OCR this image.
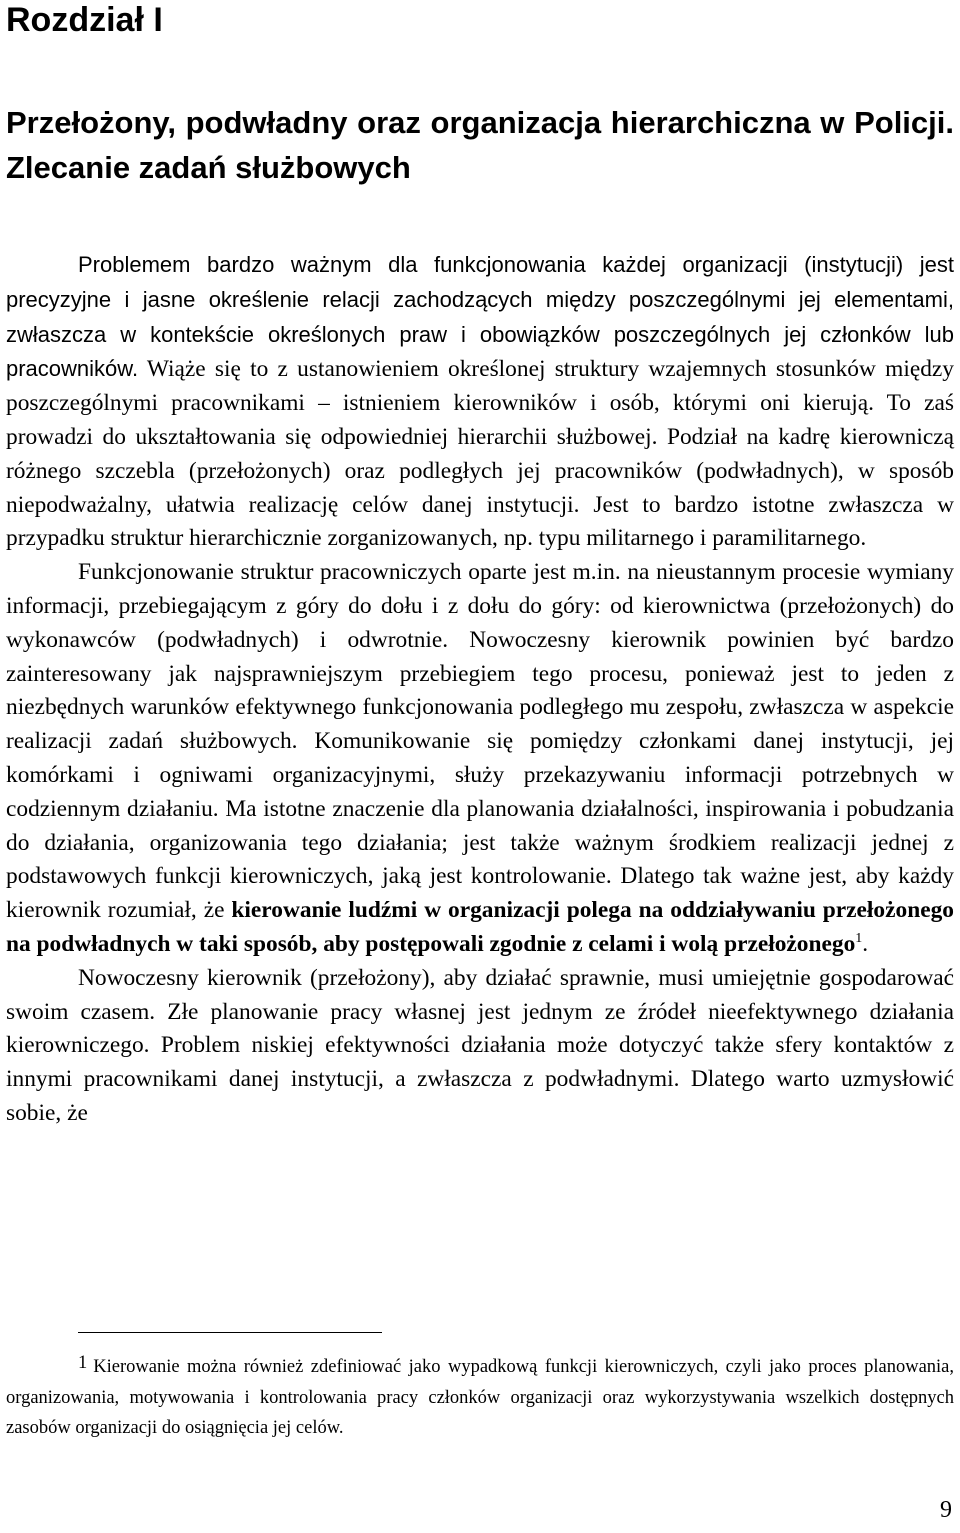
Rozdział I
Przełożony, podwładny oraz organizacja hierarchiczna w Policji. Zlecanie zadań służbowych

Problemem bardzo ważnym dla funkcjonowania każdej organizacji (instytucji) jest precyzyjne i jasne określenie relacji zachodzących między poszczególnymi jej elementami, zwłaszcza w kontekście określonych praw i obowiązków poszczególnych jej członków lub pracowników. Wiąże się to z ustanowieniem określonej struktury wzajemnych stosunków między poszczególnymi pracownikami – istnieniem kierowników i osób, którymi oni kierują. To zaś prowadzi do ukształtowania się odpowiedniej hierarchii służbowej. Podział na kadrę kierowniczą różnego szczebla (przełożonych) oraz podległych jej pracowników (podwładnych), w sposób niepodważalny, ułatwia realizację celów danej instytucji. Jest to bardzo istotne zwłaszcza w przypadku struktur hierarchicznie zorganizowanych, np. typu militarnego i paramilitarnego.

Funkcjonowanie struktur pracowniczych oparte jest m.in. na nieustannym procesie wymiany informacji, przebiegającym z góry do dołu i z dołu do góry: od kierownictwa (przełożonych) do wykonawców (podwładnych) i odwrotnie. Nowoczesny kierownik powinien być bardzo zainteresowany jak najsprawniejszym przebiegiem tego procesu, ponieważ jest to jeden z niezbędnych warunków efektywnego funkcjonowania podległego mu zespołu, zwłaszcza w aspekcie realizacji zadań służbowych. Komunikowanie się pomiędzy członkami danej instytucji, jej komórkami i ogniwami organizacyjnymi, służy przekazywaniu informacji potrzebnych w codziennym działaniu. Ma istotne znaczenie dla planowania działalności, inspirowania i pobudzania do działania, organizowania tego działania; jest także ważnym środkiem realizacji jednej z podstawowych funkcji kierowniczych, jaką jest kontrolowanie. Dlatego tak ważne jest, aby każdy kierownik rozumiał, że kierowanie ludźmi w organizacji polega na oddziaływaniu przełożonego na podwładnych w taki sposób, aby postępowali zgodnie z celami i wolą przełożonego$^1$.

Nowoczesny kierownik (przełożony), aby działać sprawnie, musi umiejętnie gospodarować swoim czasem. Złe planowanie pracy własnej jest jednym ze źródeł nieefektywnego działania kierowniczego. Problem niskiej efektywności działania może dotyczyć także sfery kontaktów z innymi pracownikami danej instytucji, a zwłaszcza z podwładnymi. Dlatego warto uzmysłowić sobie, że

1 Kierowanie można również zdefiniować jako wypadkową funkcji kierowniczych, czyli jako proces planowania, organizowania, motywowania i kontrolowania pracy członków organizacji oraz wykorzystywania wszelkich dostępnych zasobów organizacji do osiągnięcia jej celów.

9
